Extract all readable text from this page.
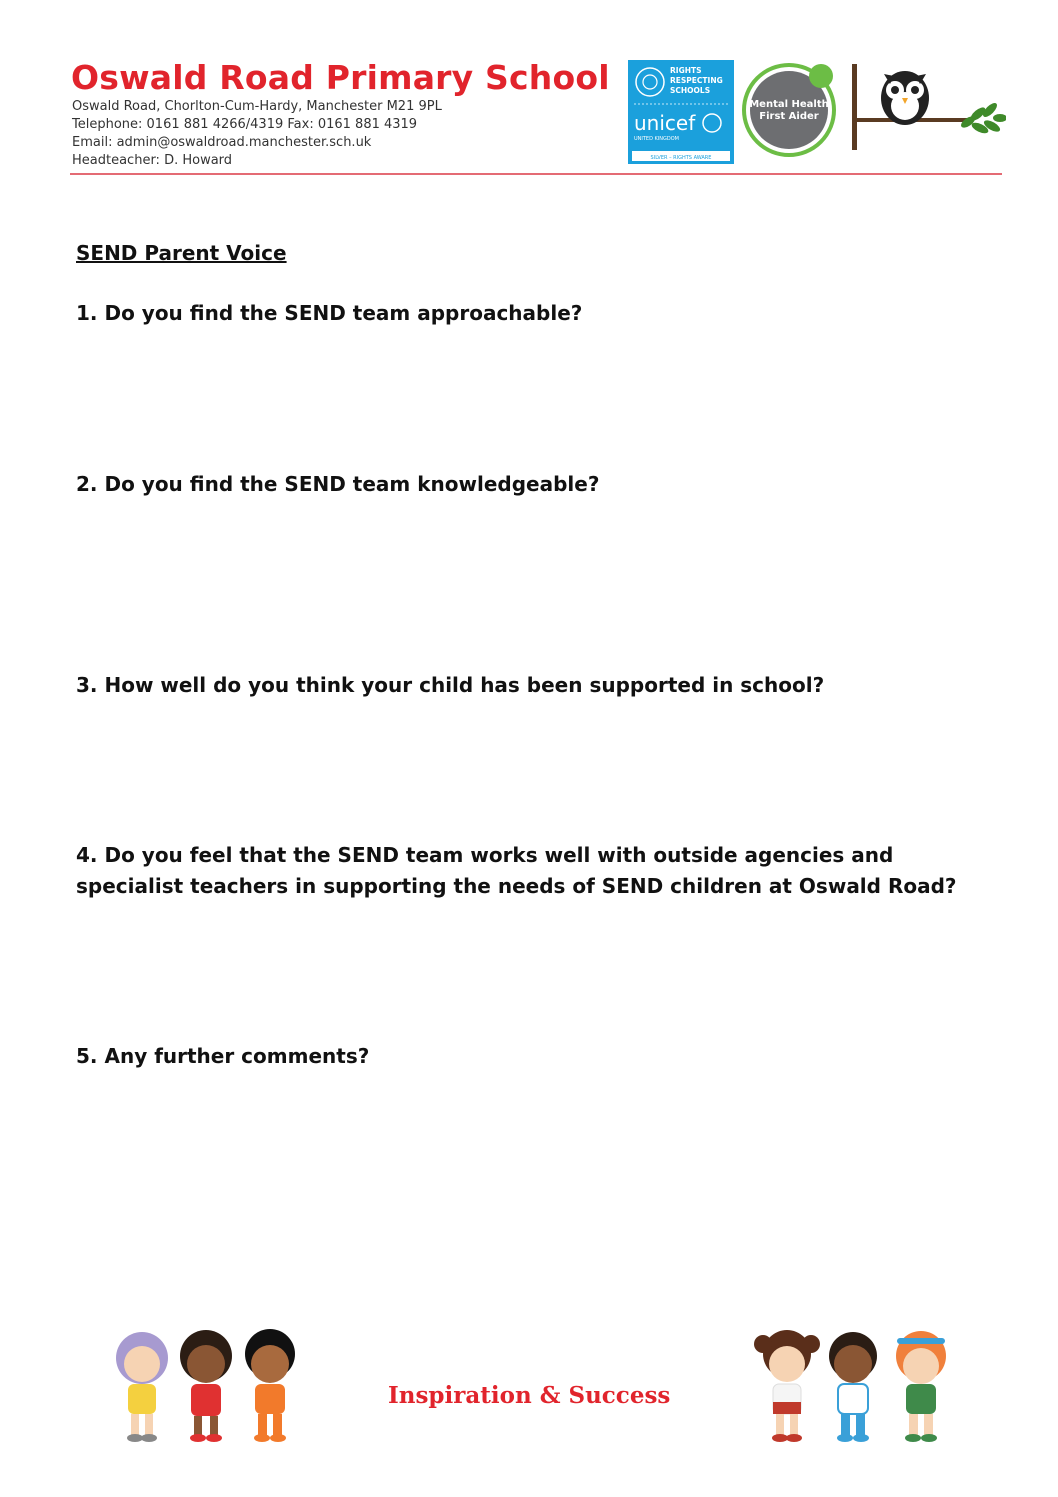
Oswald Road Primary School
Oswald Road, Chorlton-Cum-Hardy, Manchester M21 9PL
Telephone: 0161 881 4266/4319 Fax: 0161 881 4319
Email: admin@oswaldroad.manchester.sch.uk
Headteacher: D. Howard
RIGHTS
RESPECTING
SCHOOLS
unicef
UNITED KINGDOM
SILVER – RIGHTS AWARE
Mental Health
First Aider
SEND Parent Voice
1. Do you find the SEND team approachable?
2. Do you find the SEND team knowledgeable?
3. How well do you think your child has been supported in school?
4. Do you feel that the SEND team works well with outside agencies and specialist teachers in supporting the needs of SEND children at Oswald Road?
5. Any further comments?
Inspiration & Success
